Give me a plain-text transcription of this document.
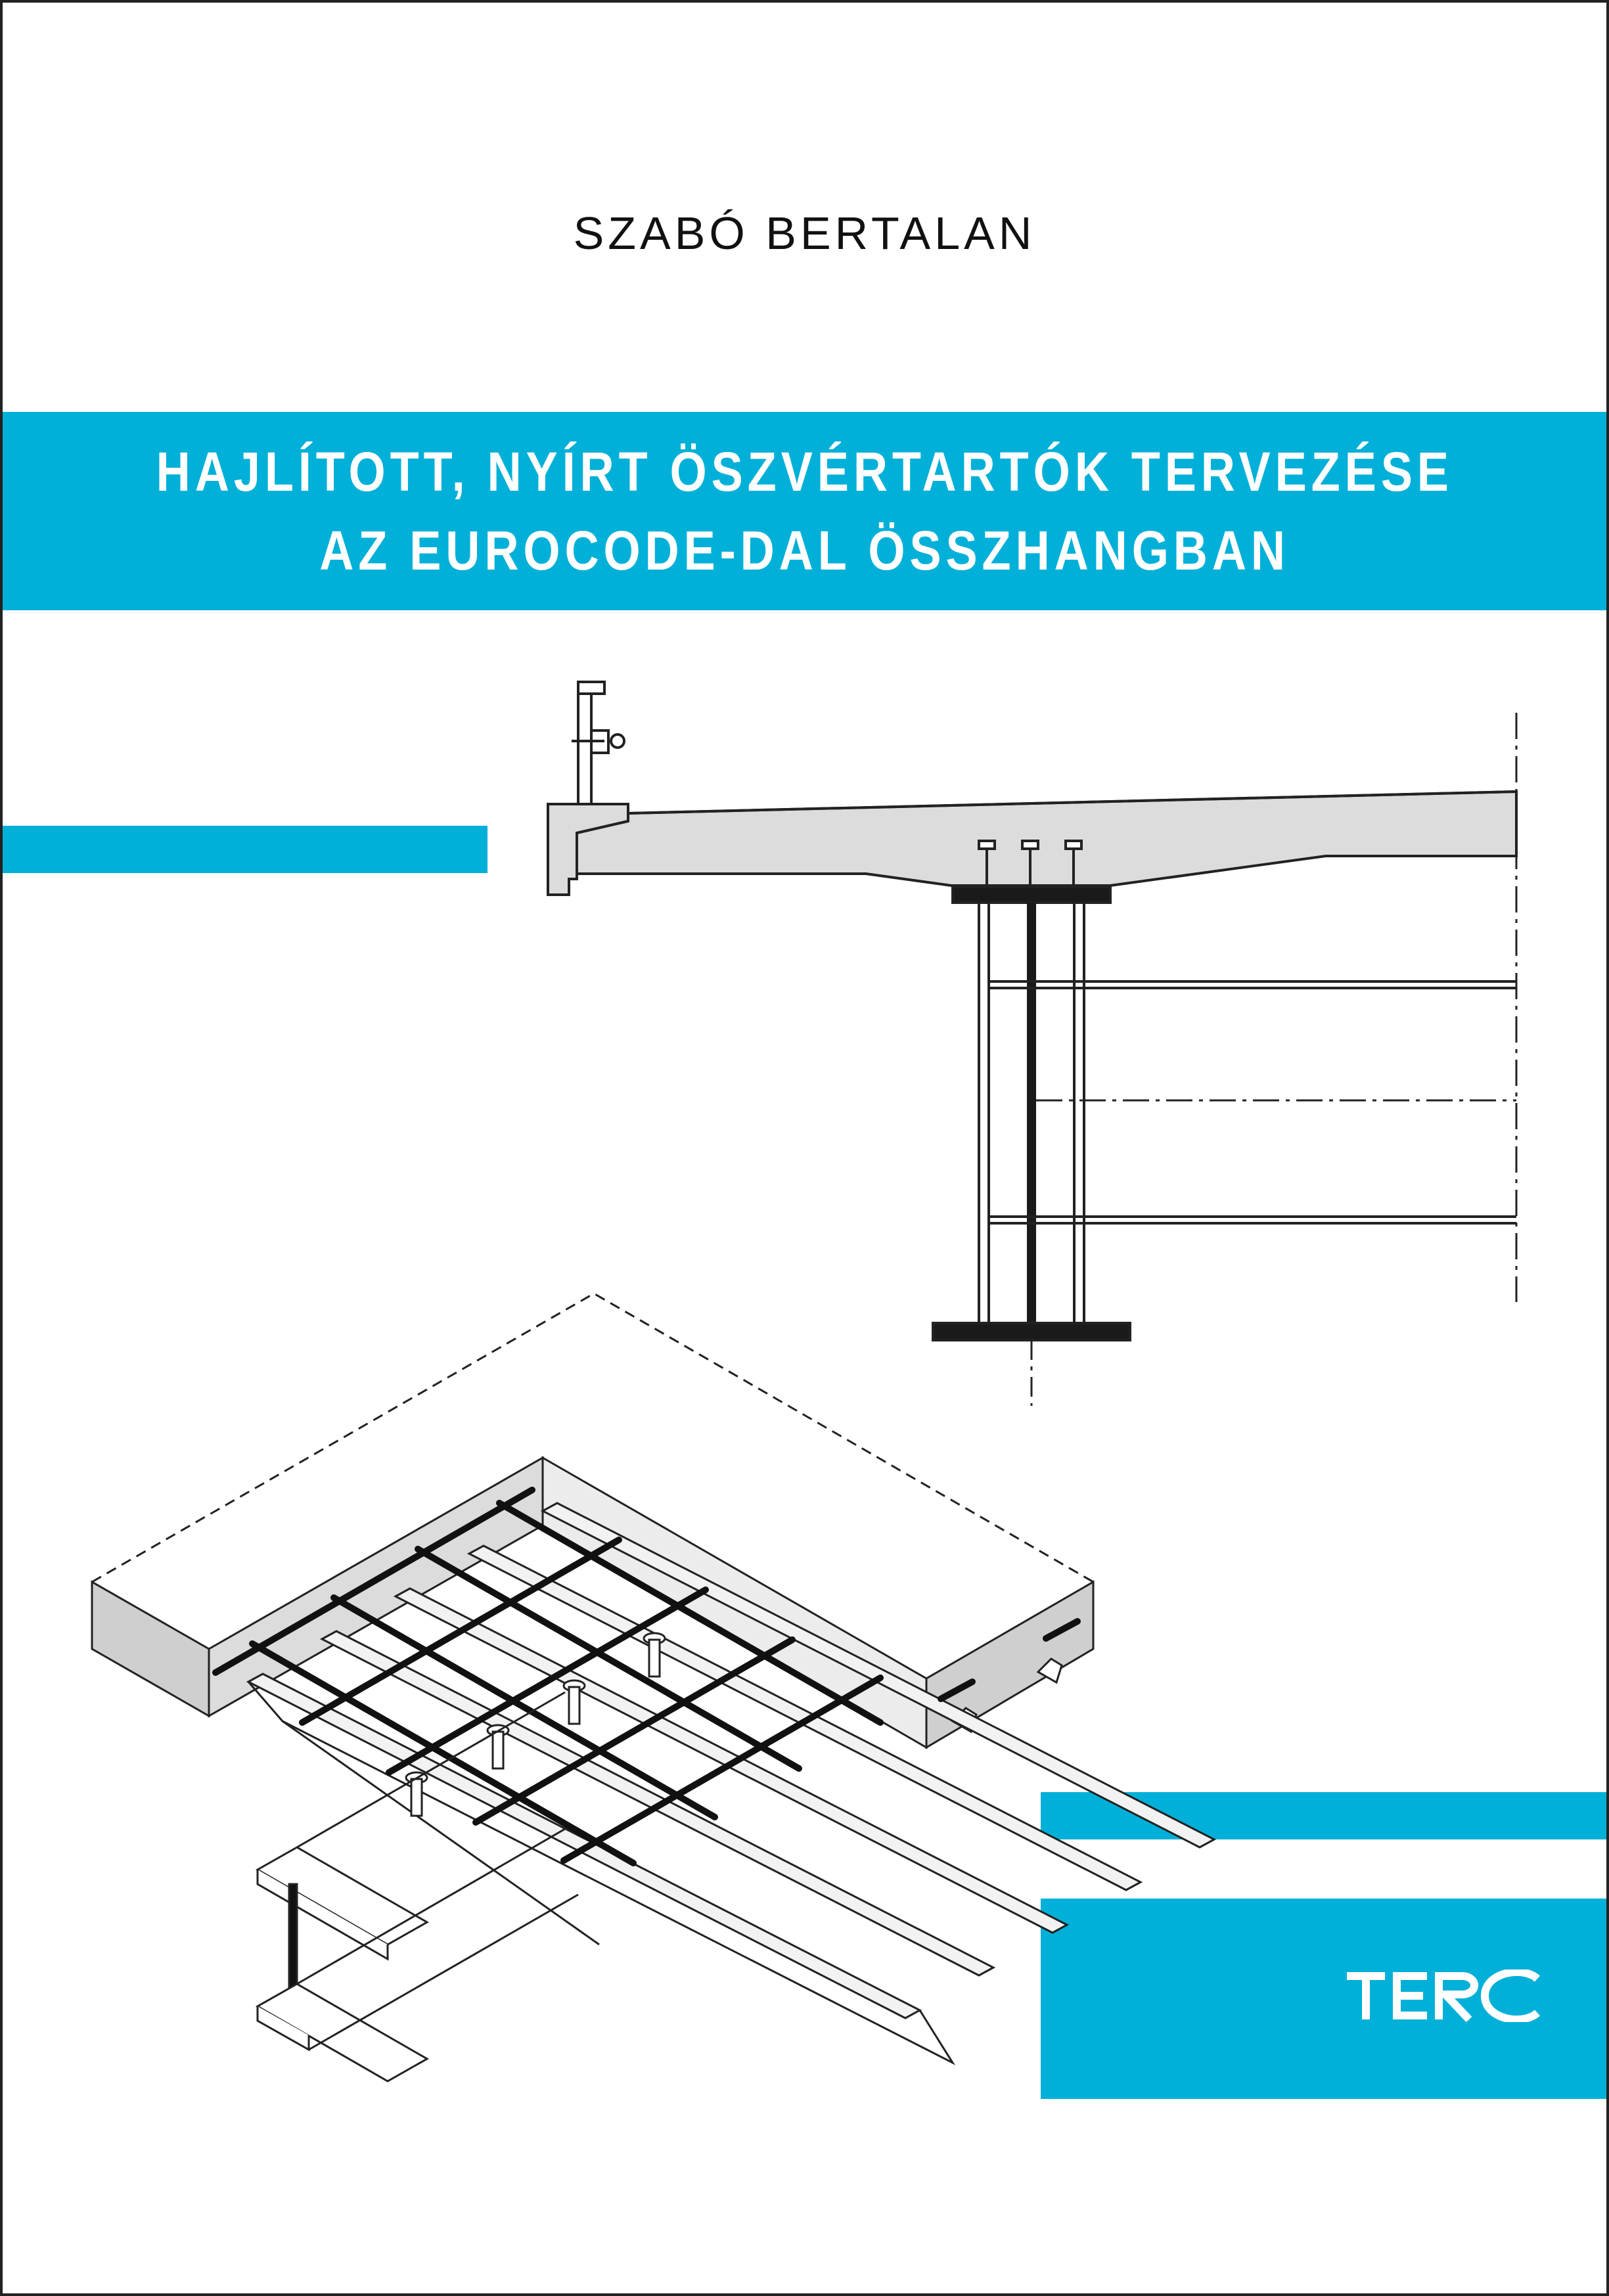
SZABÓ BERTALAN
HAJLÍTOTT, NYÍRT ÖSZVÉRTARTÓK TERVEZÉSE
AZ EUROCODE-DAL ÖSSZHANGBAN
